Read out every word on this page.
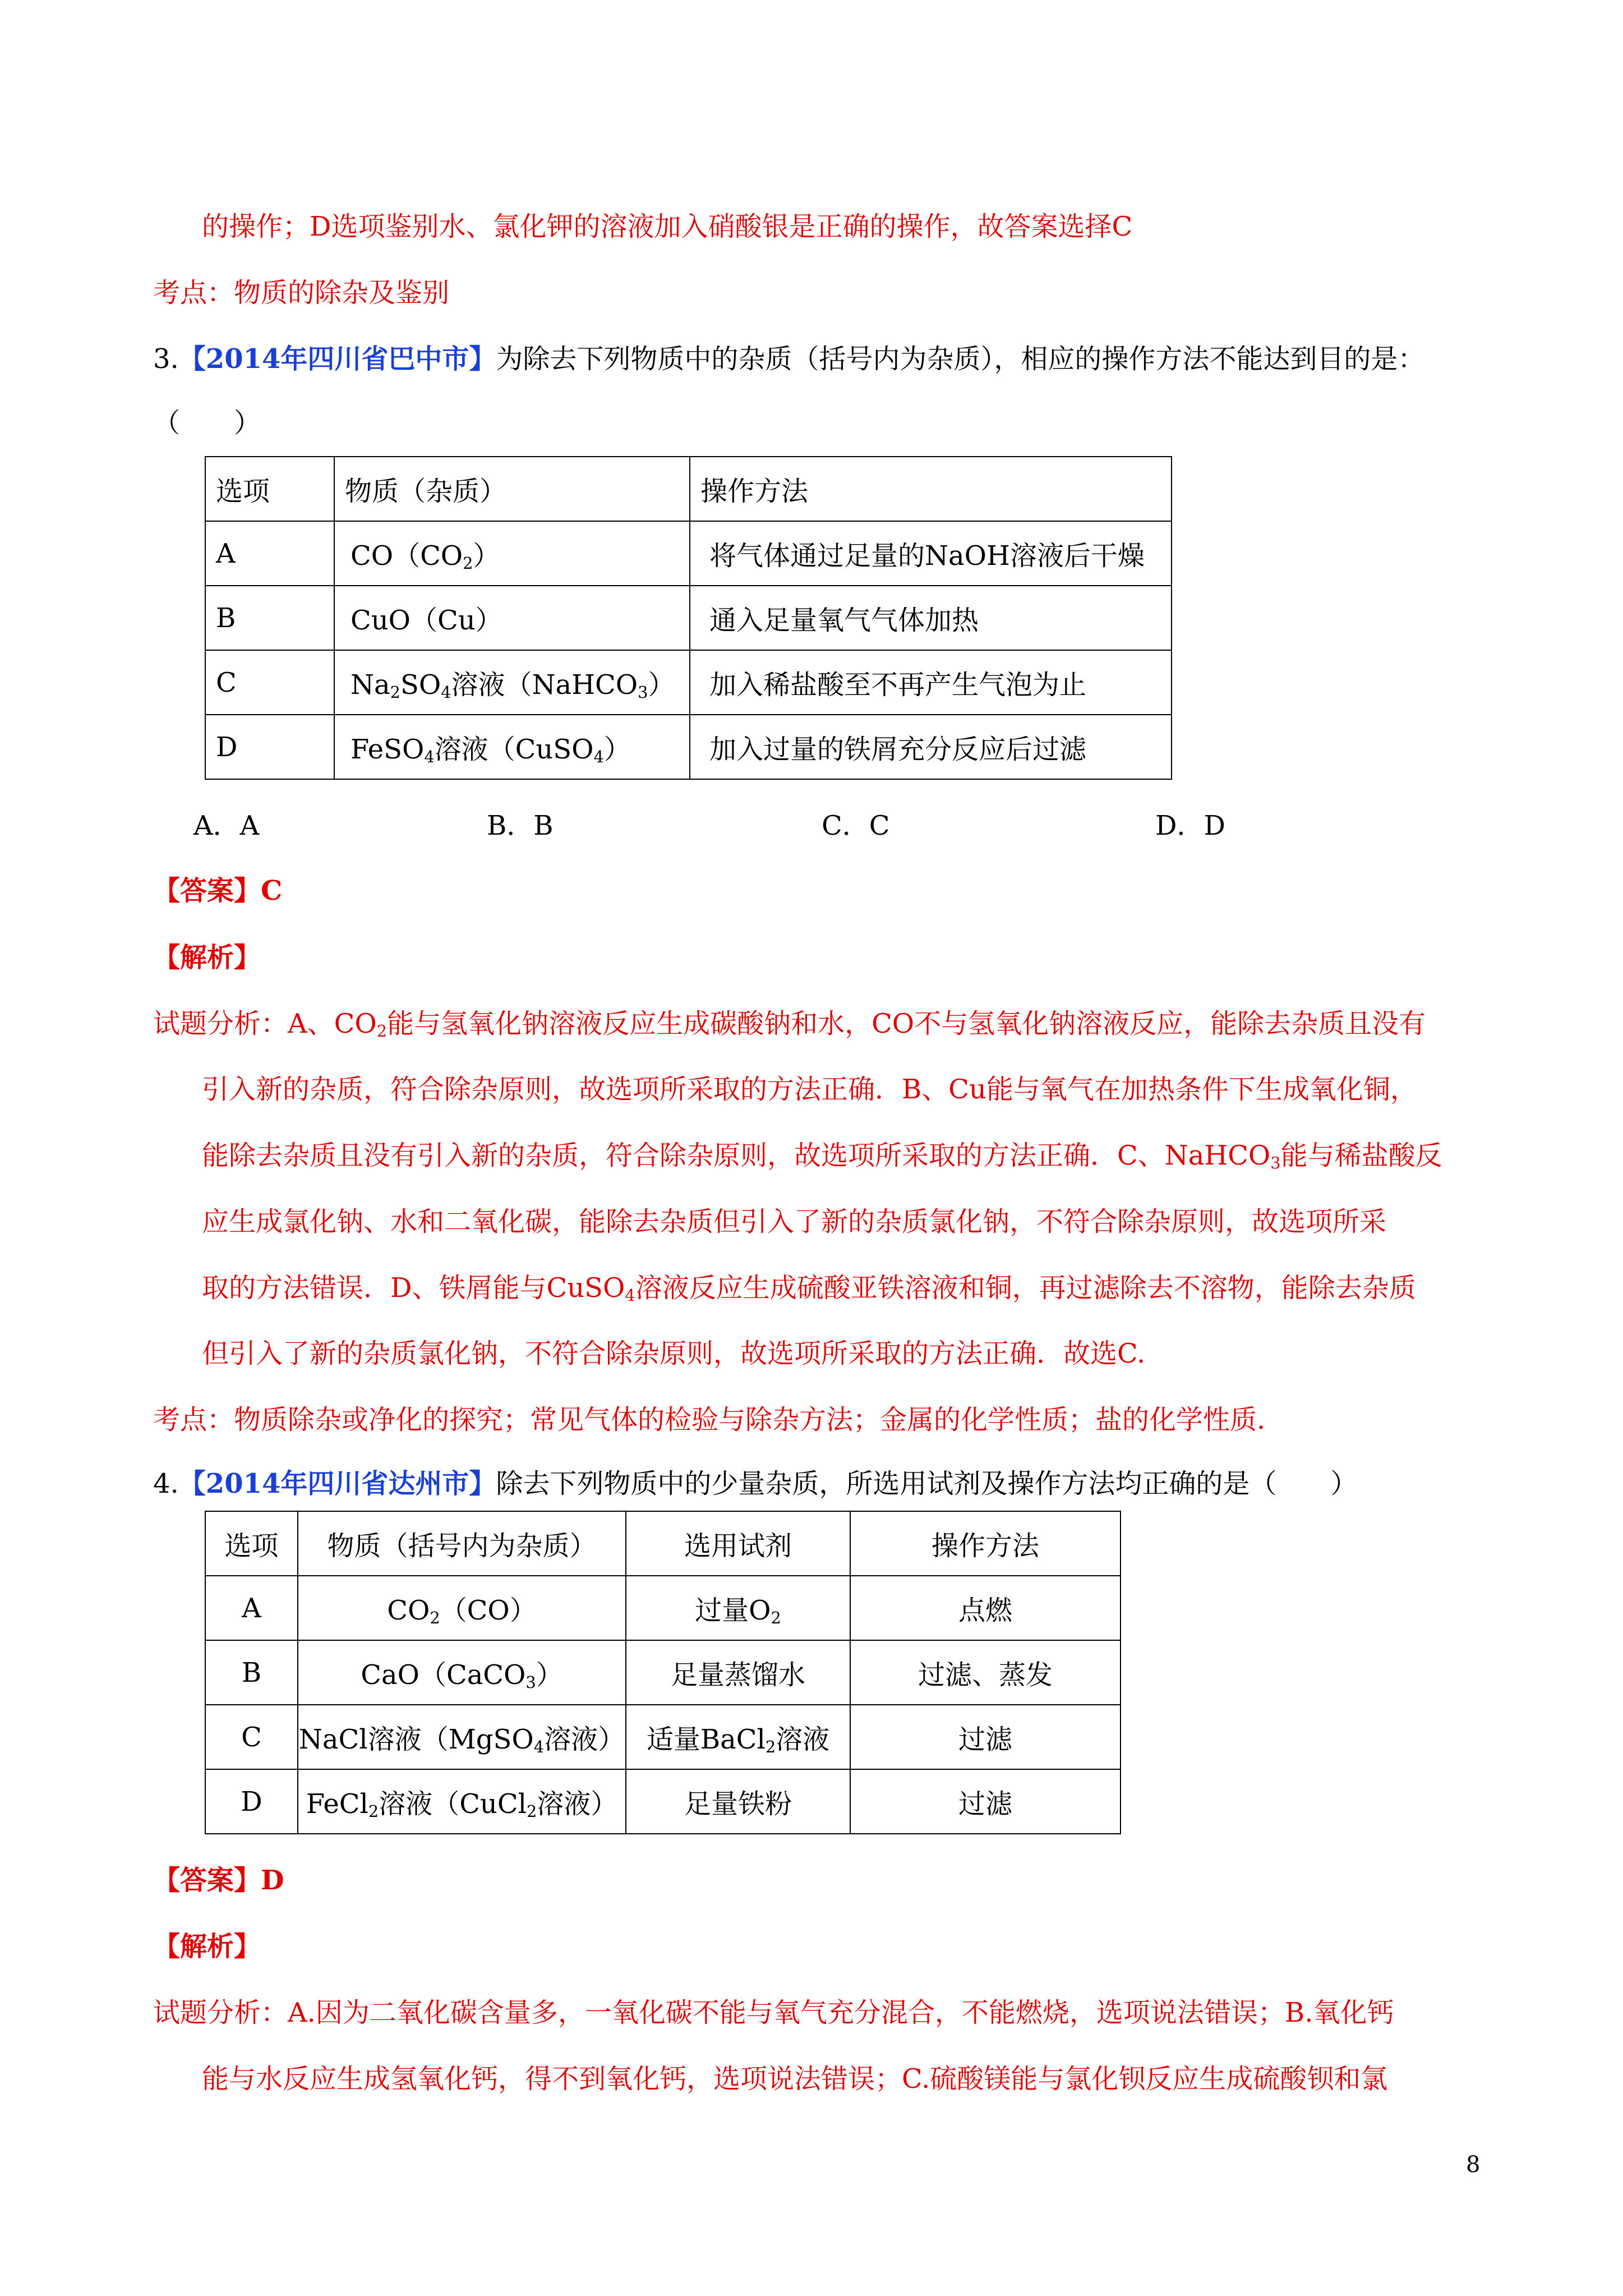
的操作；D选项鉴别水、氯化钾的溶液加入硝酸银是正确的操作，故答案选择C
考点：物质的除杂及鉴别
3.【2014年四川省巴中市】为除去下列物质中的杂质（括号内为杂质），相应的操作方法不能达到目的是：
（　　）
选项	物质（杂质）	操作方法
A	$CO(CO_2)$	将气体通过足量的NaOH溶液后干燥
B	CuO（Cu）	通入足量氧气气体加热
C	$Na_2SO_4$溶液（NaHCO$_3$）	加入稀盐酸至不再产生气泡为止
D	FeSO$_4$溶液（CuSO$_4$）	加入过量的铁屑充分反应后过滤
A．A	B．B	C．C	D．D
【答案】C
【解析】
试题分析：A、$CO_2$能与氢氧化钠溶液反应生成碳酸钠和水，CO不与氢氧化钠溶液反应，能除去杂质且没有
引入新的杂质，符合除杂原则，故选项所采取的方法正确．B、Cu能与氧气在加热条件下生成氧化铜，
能除去杂质且没有引入新的杂质，符合除杂原则，故选项所采取的方法正确．C、NaHCO$_3$能与稀盐酸反
应生成氯化钠、水和二氧化碳，能除去杂质但引入了新的杂质氯化钠，不符合除杂原则，故选项所采
取的方法错误．D、铁屑能与CuSO$_4$溶液反应生成硫酸亚铁溶液和铜，再过滤除去不溶物，能除去杂质
但引入了新的杂质氯化钠，不符合除杂原则，故选项所采取的方法正确．故选C.
考点：物质除杂或净化的探究；常见气体的检验与除杂方法；金属的化学性质；盐的化学性质.
4.【2014年四川省达州市】除去下列物质中的少量杂质，所选用试剂及操作方法均正确的是（　　）
选项	物质（括号内为杂质）	选用试剂	操作方法
A	$CO_2(CO)$	过量$O_2$	点燃
B	CaO（CaCO$_3$）	足量蒸馏水	过滤、蒸发
C	NaCl溶液（MgSO$_4$溶液）	适量BaCl$_2$溶液	过滤
D	FeCl$_2$溶液（CuCl$_2$溶液）	足量铁粉	过滤
【答案】D
【解析】
试题分析：A.因为二氧化碳含量多，一氧化碳不能与氧气充分混合，不能燃烧，选项说法错误；B.氧化钙
能与水反应生成氢氧化钙，得不到氧化钙，选项说法错误；C.硫酸镁能与氯化钡反应生成硫酸钡和氯
8
